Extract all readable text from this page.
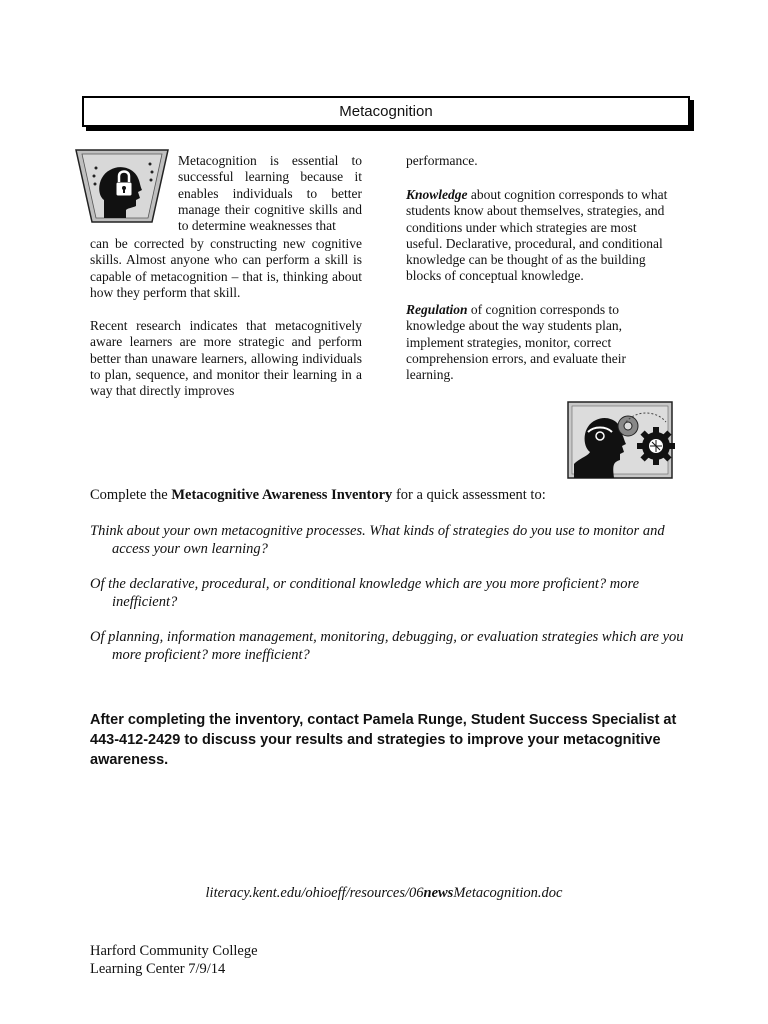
Metacognition
Metacognition is essential to successful learning because it enables individuals to better manage their cognitive skills and to determine weaknesses that
can be corrected by constructing new cognitive skills. Almost anyone who can perform a skill is capable of metacognition – that is, thinking about how they perform that skill.
Recent research indicates that metacognitively aware learners are more strategic and perform better than unaware learners, allowing individuals to plan, sequence, and monitor their learning in a way that directly improves
performance.
Knowledge about cognition corresponds to what students know about themselves, strategies, and conditions under which strategies are most useful. Declarative, procedural, and conditional knowledge can be thought of as the building blocks of conceptual knowledge.
Regulation of cognition corresponds to knowledge about the way students plan, implement strategies, monitor, correct comprehension errors, and evaluate their learning.
Complete the Metacognitive Awareness Inventory for a quick assessment to:
Think about your own metacognitive processes. What kinds of strategies do you use to monitor and access your own learning?
Of the declarative, procedural, or conditional knowledge which are you more proficient? more inefficient?
Of planning, information management, monitoring, debugging, or evaluation strategies which are you more proficient? more inefficient?
After completing the inventory, contact Pamela Runge, Student Success Specialist at 443-412-2429 to discuss your results and strategies to improve your metacognitive awareness.
literacy.kent.edu/ohioeff/resources/06newsMetacognition.doc
Harford Community College
Learning Center 7/9/14
